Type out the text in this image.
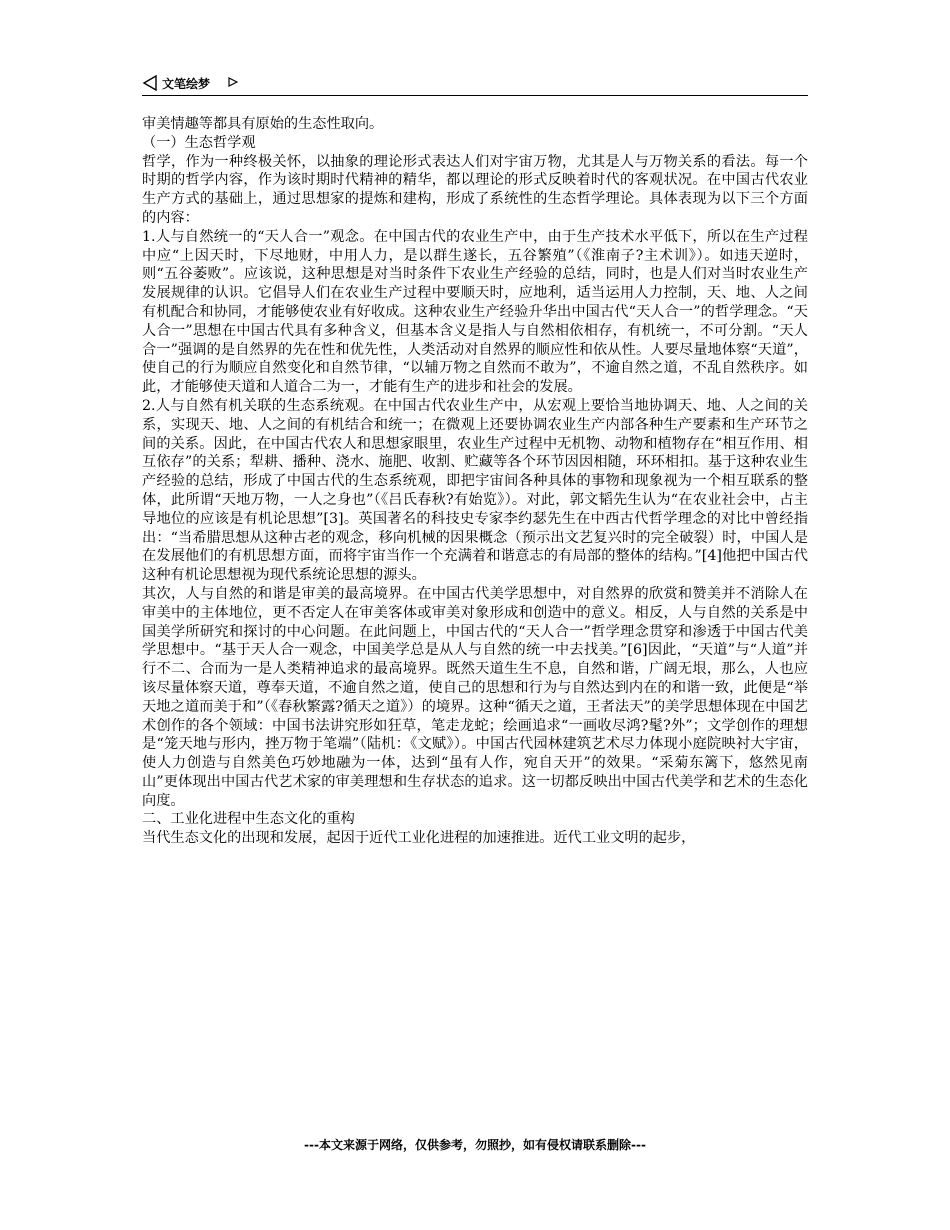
文笔绘梦

审美情趣等都具有原始的生态性取向。

（一）生态哲学观

哲学，作为一种终极关怀，以抽象的理论形式表达人们对宇宙万物，尤其是人与万物关系的看法。每一个时期的哲学内容，作为该时期时代精神的精华，都以理论的形式反映着时代的客观状况。在中国古代农业生产方式的基础上，通过思想家的提炼和建构，形成了系统性的生态哲学理论。具体表现为以下三个方面的内容：

1.人与自然统一的“天人合一”观念。在中国古代的农业生产中，由于生产技术水平低下，所以在生产过程中应“上因天时，下尽地财，中用人力，是以群生遂长，五谷繁殖”（《淮南子?主术训》）。如违天逆时，则“五谷萎败”。应该说，这种思想是对当时条件下农业生产经验的总结，同时，也是人们对当时农业生产发展规律的认识。它倡导人们在农业生产过程中要顺天时，应地利，适当运用人力控制，天、地、人之间有机配合和协同，才能够使农业有好收成。这种农业生产经验升华出中国古代“天人合一”的哲学理念。“天人合一”思想在中国古代具有多种含义，但基本含义是指人与自然相依相存，有机统一，不可分割。“天人合一”强调的是自然界的先在性和优先性，人类活动对自然界的顺应性和依从性。人要尽量地体察“天道”，使自己的行为顺应自然变化和自然节律，“以辅万物之自然而不敢为”，不逾自然之道，不乱自然秩序。如此，才能够使天道和人道合二为一，才能有生产的进步和社会的发展。

2.人与自然有机关联的生态系统观。在中国古代农业生产中，从宏观上要恰当地协调天、地、人之间的关系，实现天、地、人之间的有机结合和统一；在微观上还要协调农业生产内部各种生产要素和生产环节之间的关系。因此，在中国古代农人和思想家眼里，农业生产过程中无机物、动物和植物存在“相互作用、相互依存”的关系；犁耕、播种、浇水、施肥、收割、贮藏等各个环节因因相随，环环相扣。基于这种农业生产经验的总结，形成了中国古代的生态系统观，即把宇宙间各种具体的事物和现象视为一个相互联系的整体，此所谓“天地万物，一人之身也”（《吕氏春秋?有始览》）。对此，郭文韬先生认为“在农业社会中，占主导地位的应该是有机论思想”[3]。英国著名的科技史专家李约瑟先生在中西古代哲学理念的对比中曾经指出：“当希腊思想从这种古老的观念，移向机械的因果概念（预示出文艺复兴时的完全破裂）时，中国人是在发展他们的有机思想方面，而将宇宙当作一个充满着和谐意志的有局部的整体的结构。”[4]他把中国古代这种有机论思想视为现代系统论思想的源头。

其次，人与自然的和谐是审美的最高境界。在中国古代美学思想中，对自然界的欣赏和赞美并不消除人在审美中的主体地位，更不否定人在审美客体或审美对象形成和创造中的意义。相反，人与自然的关系是中国美学所研究和探讨的中心问题。在此问题上，中国古代的“天人合一”哲学理念贯穿和渗透于中国古代美学思想中。“基于天人合一观念，中国美学总是从人与自然的统一中去找美。”[6]因此，“天道”与“人道”并行不二、合而为一是人类精神追求的最高境界。既然天道生生不息，自然和谐，广阔无垠，那么，人也应该尽量体察天道，尊奉天道，不逾自然之道，使自己的思想和行为与自然达到内在的和谐一致，此便是“举天地之道而美于和”（《春秋繁露?循天之道》）的境界。这种“循天之道，王者法天”的美学思想体现在中国艺术创作的各个领域：中国书法讲究形如狂草，笔走龙蛇；绘画追求“一画收尽鸿?髦?外”；文学创作的理想是“笼天地与形内，挫万物于笔端”（陆机：《文赋》）。中国古代园林建筑艺术尽力体现小庭院映衬大宇宙，使人力创造与自然美色巧妙地融为一体，达到“虽有人作，宛自天开”的效果。“采菊东篱下，悠然见南山”更体现出中国古代艺术家的审美理想和生存状态的追求。这一切都反映出中国古代美学和艺术的生态化向度。

二、工业化进程中生态文化的重构

当代生态文化的出现和发展，起因于近代工业化进程的加速推进。近代工业文明的起步，

---本文来源于网络，仅供参考，勿照抄，如有侵权请联系删除---
